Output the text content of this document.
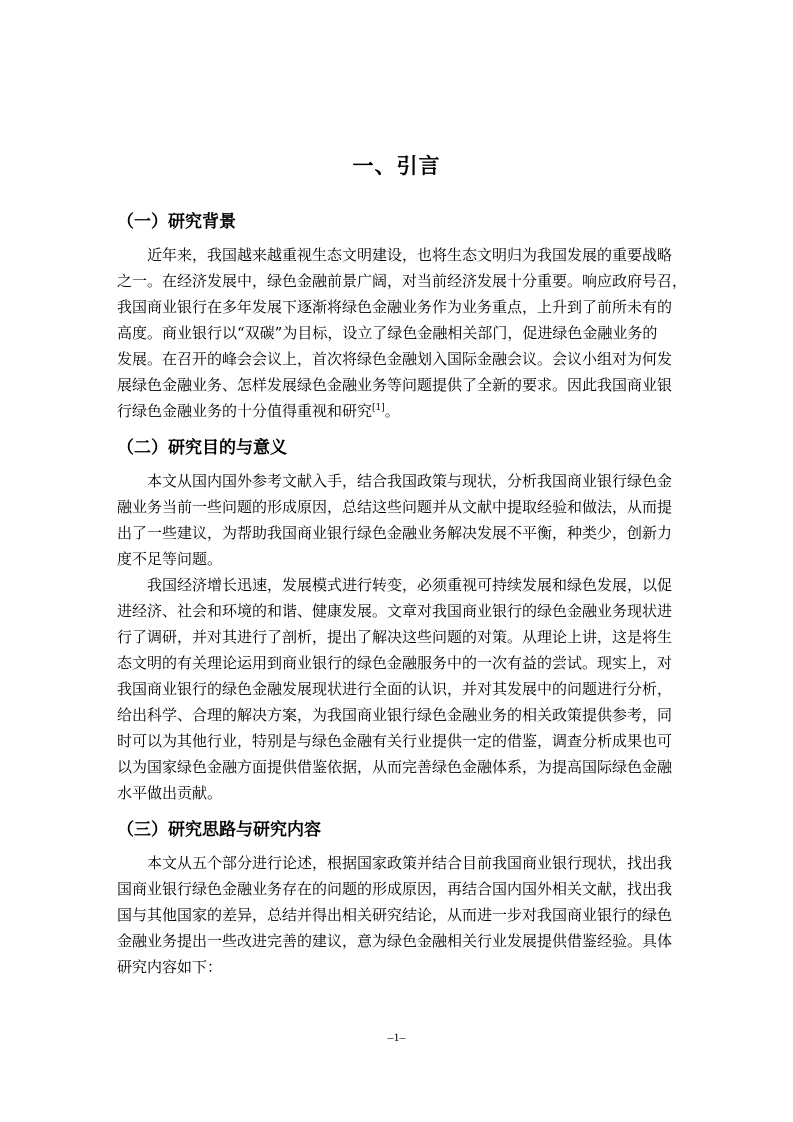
一、引言
（一）研究背景
近年来，我国越来越重视生态文明建设，也将生态文明归为我国发展的重要战略
之一。在经济发展中，绿色金融前景广阔，对当前经济发展十分重要。响应政府号召，
我国商业银行在多年发展下逐渐将绿色金融业务作为业务重点，上升到了前所未有的
高度。商业银行以“双碳”为目标，设立了绿色金融相关部门，促进绿色金融业务的
发展。在召开的峰会会议上，首次将绿色金融划入国际金融会议。会议小组对为何发
展绿色金融业务、怎样发展绿色金融业务等问题提供了全新的要求。因此我国商业银
行绿色金融业务的十分值得重视和研究[1]。
（二）研究目的与意义
本文从国内国外参考文献入手，结合我国政策与现状，分析我国商业银行绿色金
融业务当前一些问题的形成原因，总结这些问题并从文献中提取经验和做法，从而提
出了一些建议，为帮助我国商业银行绿色金融业务解决发展不平衡，种类少，创新力
度不足等问题。
我国经济增长迅速，发展模式进行转变，必须重视可持续发展和绿色发展，以促
进经济、社会和环境的和谐、健康发展。文章对我国商业银行的绿色金融业务现状进
行了调研，并对其进行了剖析，提出了解决这些问题的对策。从理论上讲，这是将生
态文明的有关理论运用到商业银行的绿色金融服务中的一次有益的尝试。现实上，对
我国商业银行的绿色金融发展现状进行全面的认识，并对其发展中的问题进行分析，
给出科学、合理的解决方案，为我国商业银行绿色金融业务的相关政策提供参考，同
时可以为其他行业，特别是与绿色金融有关行业提供一定的借鉴，调查分析成果也可
以为国家绿色金融方面提供借鉴依据，从而完善绿色金融体系，为提高国际绿色金融
水平做出贡献。
（三）研究思路与研究内容
本文从五个部分进行论述，根据国家政策并结合目前我国商业银行现状，找出我
国商业银行绿色金融业务存在的问题的形成原因，再结合国内国外相关文献，找出我
国与其他国家的差异，总结并得出相关研究结论，从而进一步对我国商业银行的绿色
金融业务提出一些改进完善的建议，意为绿色金融相关行业发展提供借鉴经验。具体
研究内容如下：

–1–
